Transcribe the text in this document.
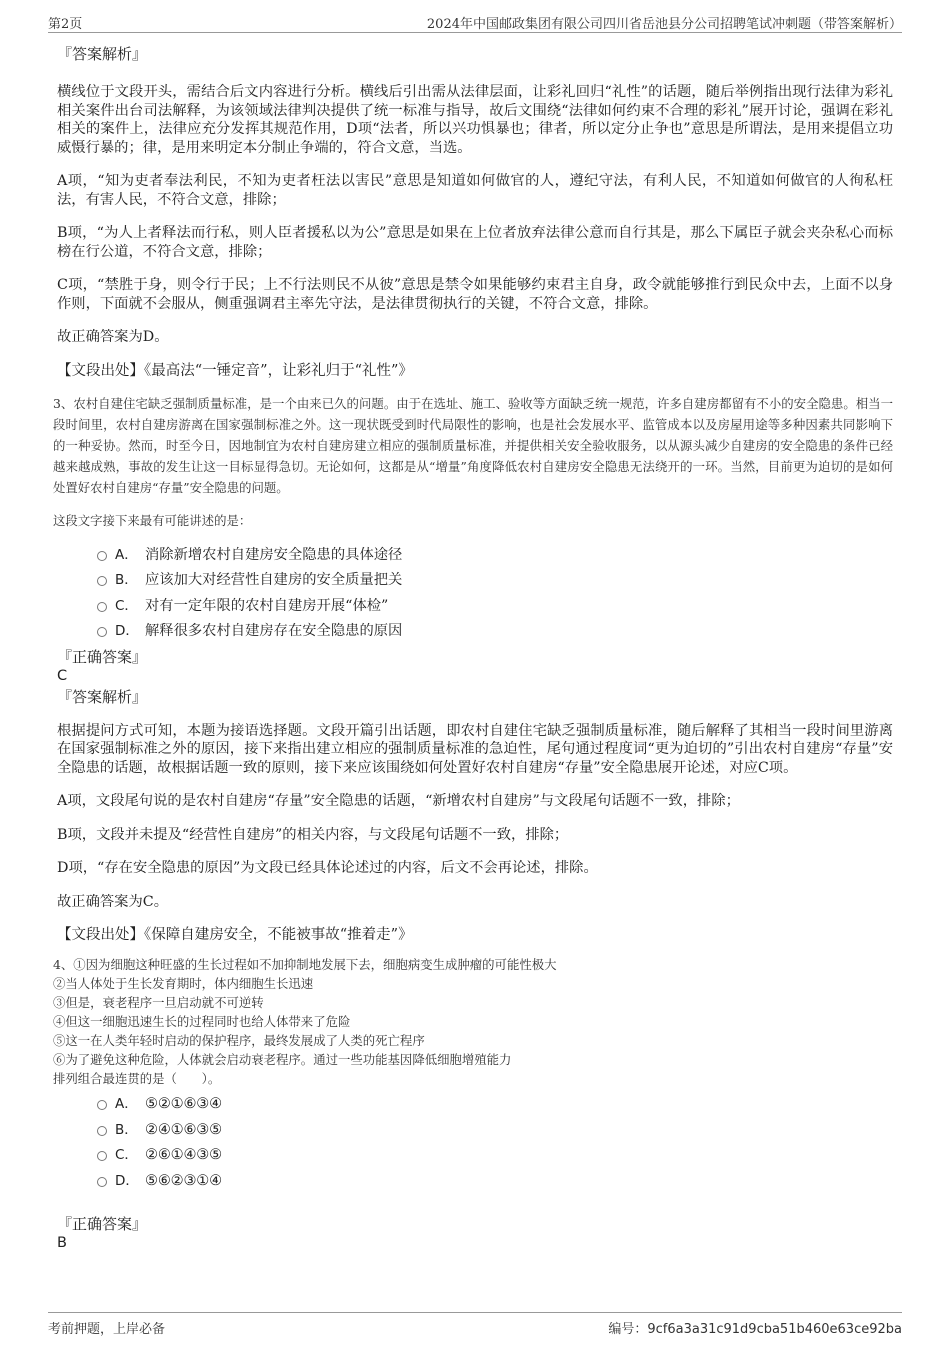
第2页	2024年中国邮政集团有限公司四川省岳池县分公司招聘笔试冲刺题（带答案解析）
『答案解析』
横线位于文段开头，需结合后文内容进行分析。横线后引出需从法律层面，让彩礼回归“礼性”的话题，随后举例指出现行法律为彩礼相关案件出台司法解释，为该领域法律判决提供了统一标准与指导，故后文围绕“法律如何约束不合理的彩礼”展开讨论，强调在彩礼相关的案件上，法律应充分发挥其规范作用，D项“法者，所以兴功惧暴也；律者，所以定分止争也”意思是所谓法，是用来提倡立功威慑行暴的；律，是用来明定本分制止争端的，符合文意，当选。
A项，“知为吏者奉法利民，不知为吏者枉法以害民”意思是知道如何做官的人，遵纪守法，有利人民，不知道如何做官的人徇私枉法，有害人民，不符合文意，排除；
B项，“为人上者释法而行私，则人臣者援私以为公”意思是如果在上位者放弃法律公意而自行其是，那么下属臣子就会夹杂私心而标榜在行公道，不符合文意，排除；
C项，“禁胜于身，则令行于民；上不行法则民不从彼”意思是禁令如果能够约束君主自身，政令就能够推行到民众中去，上面不以身作则，下面就不会服从，侧重强调君主率先守法，是法律贯彻执行的关键，不符合文意，排除。
故正确答案为D。
【文段出处】《最高法“一锤定音”，让彩礼归于“礼性”》
3、农村自建住宅缺乏强制质量标准，是一个由来已久的问题。由于在选址、施工、验收等方面缺乏统一规范，许多自建房都留有不小的安全隐患。相当一段时间里，农村自建房游离在国家强制标准之外。这一现状既受到时代局限性的影响，也是社会发展水平、监管成本以及房屋用途等多种因素共同影响下的一种妥协。然而，时至今日，因地制宜为农村自建房建立相应的强制质量标准，并提供相关安全验收服务，以从源头减少自建房的安全隐患的条件已经越来越成熟，事故的发生让这一目标显得急切。无论如何，这都是从“增量”角度降低农村自建房安全隐患无法绕开的一环。当然，目前更为迫切的是如何处置好农村自建房“存量”安全隐患的问题。
这段文字接下来最有可能讲述的是：
A． 消除新增农村自建房安全隐患的具体途径
B． 应该加大对经营性自建房的安全质量把关
C． 对有一定年限的农村自建房开展“体检”
D． 解释很多农村自建房存在安全隐患的原因
『正确答案』
C
『答案解析』
根据提问方式可知，本题为接语选择题。文段开篇引出话题，即农村自建住宅缺乏强制质量标准，随后解释了其相当一段时间里游离在国家强制标准之外的原因，接下来指出建立相应的强制质量标准的急迫性，尾句通过程度词“更为迫切的”引出农村自建房“存量”安全隐患的话题，故根据话题一致的原则，接下来应该围绕如何处置好农村自建房“存量”安全隐患展开论述，对应C项。
A项，文段尾句说的是农村自建房“存量”安全隐患的话题，“新增农村自建房”与文段尾句话题不一致，排除；
B项，文段并未提及“经营性自建房”的相关内容，与文段尾句话题不一致，排除；
D项，“存在安全隐患的原因”为文段已经具体论述过的内容，后文不会再论述，排除。
故正确答案为C。
【文段出处】《保障自建房安全，不能被事故“推着走”》
4、①因为细胞这种旺盛的生长过程如不加抑制地发展下去，细胞病变生成肿瘤的可能性极大
②当人体处于生长发育期时，体内细胞生长迅速
③但是，衰老程序一旦启动就不可逆转
④但这一细胞迅速生长的过程同时也给人体带来了危险
⑤这一在人类年轻时启动的保护程序，最终发展成了人类的死亡程序
⑥为了避免这种危险，人体就会启动衰老程序。通过一些功能基因降低细胞增殖能力
排列组合最连贯的是（　　）。
A． ⑤②①⑥③④
B． ②④①⑥③⑤
C． ②⑥①④③⑤
D． ⑤⑥②③①④
『正确答案』
B
考前押题，上岸必备	编号：9cf6a3a31c91d9cba51b460e63ce92ba
